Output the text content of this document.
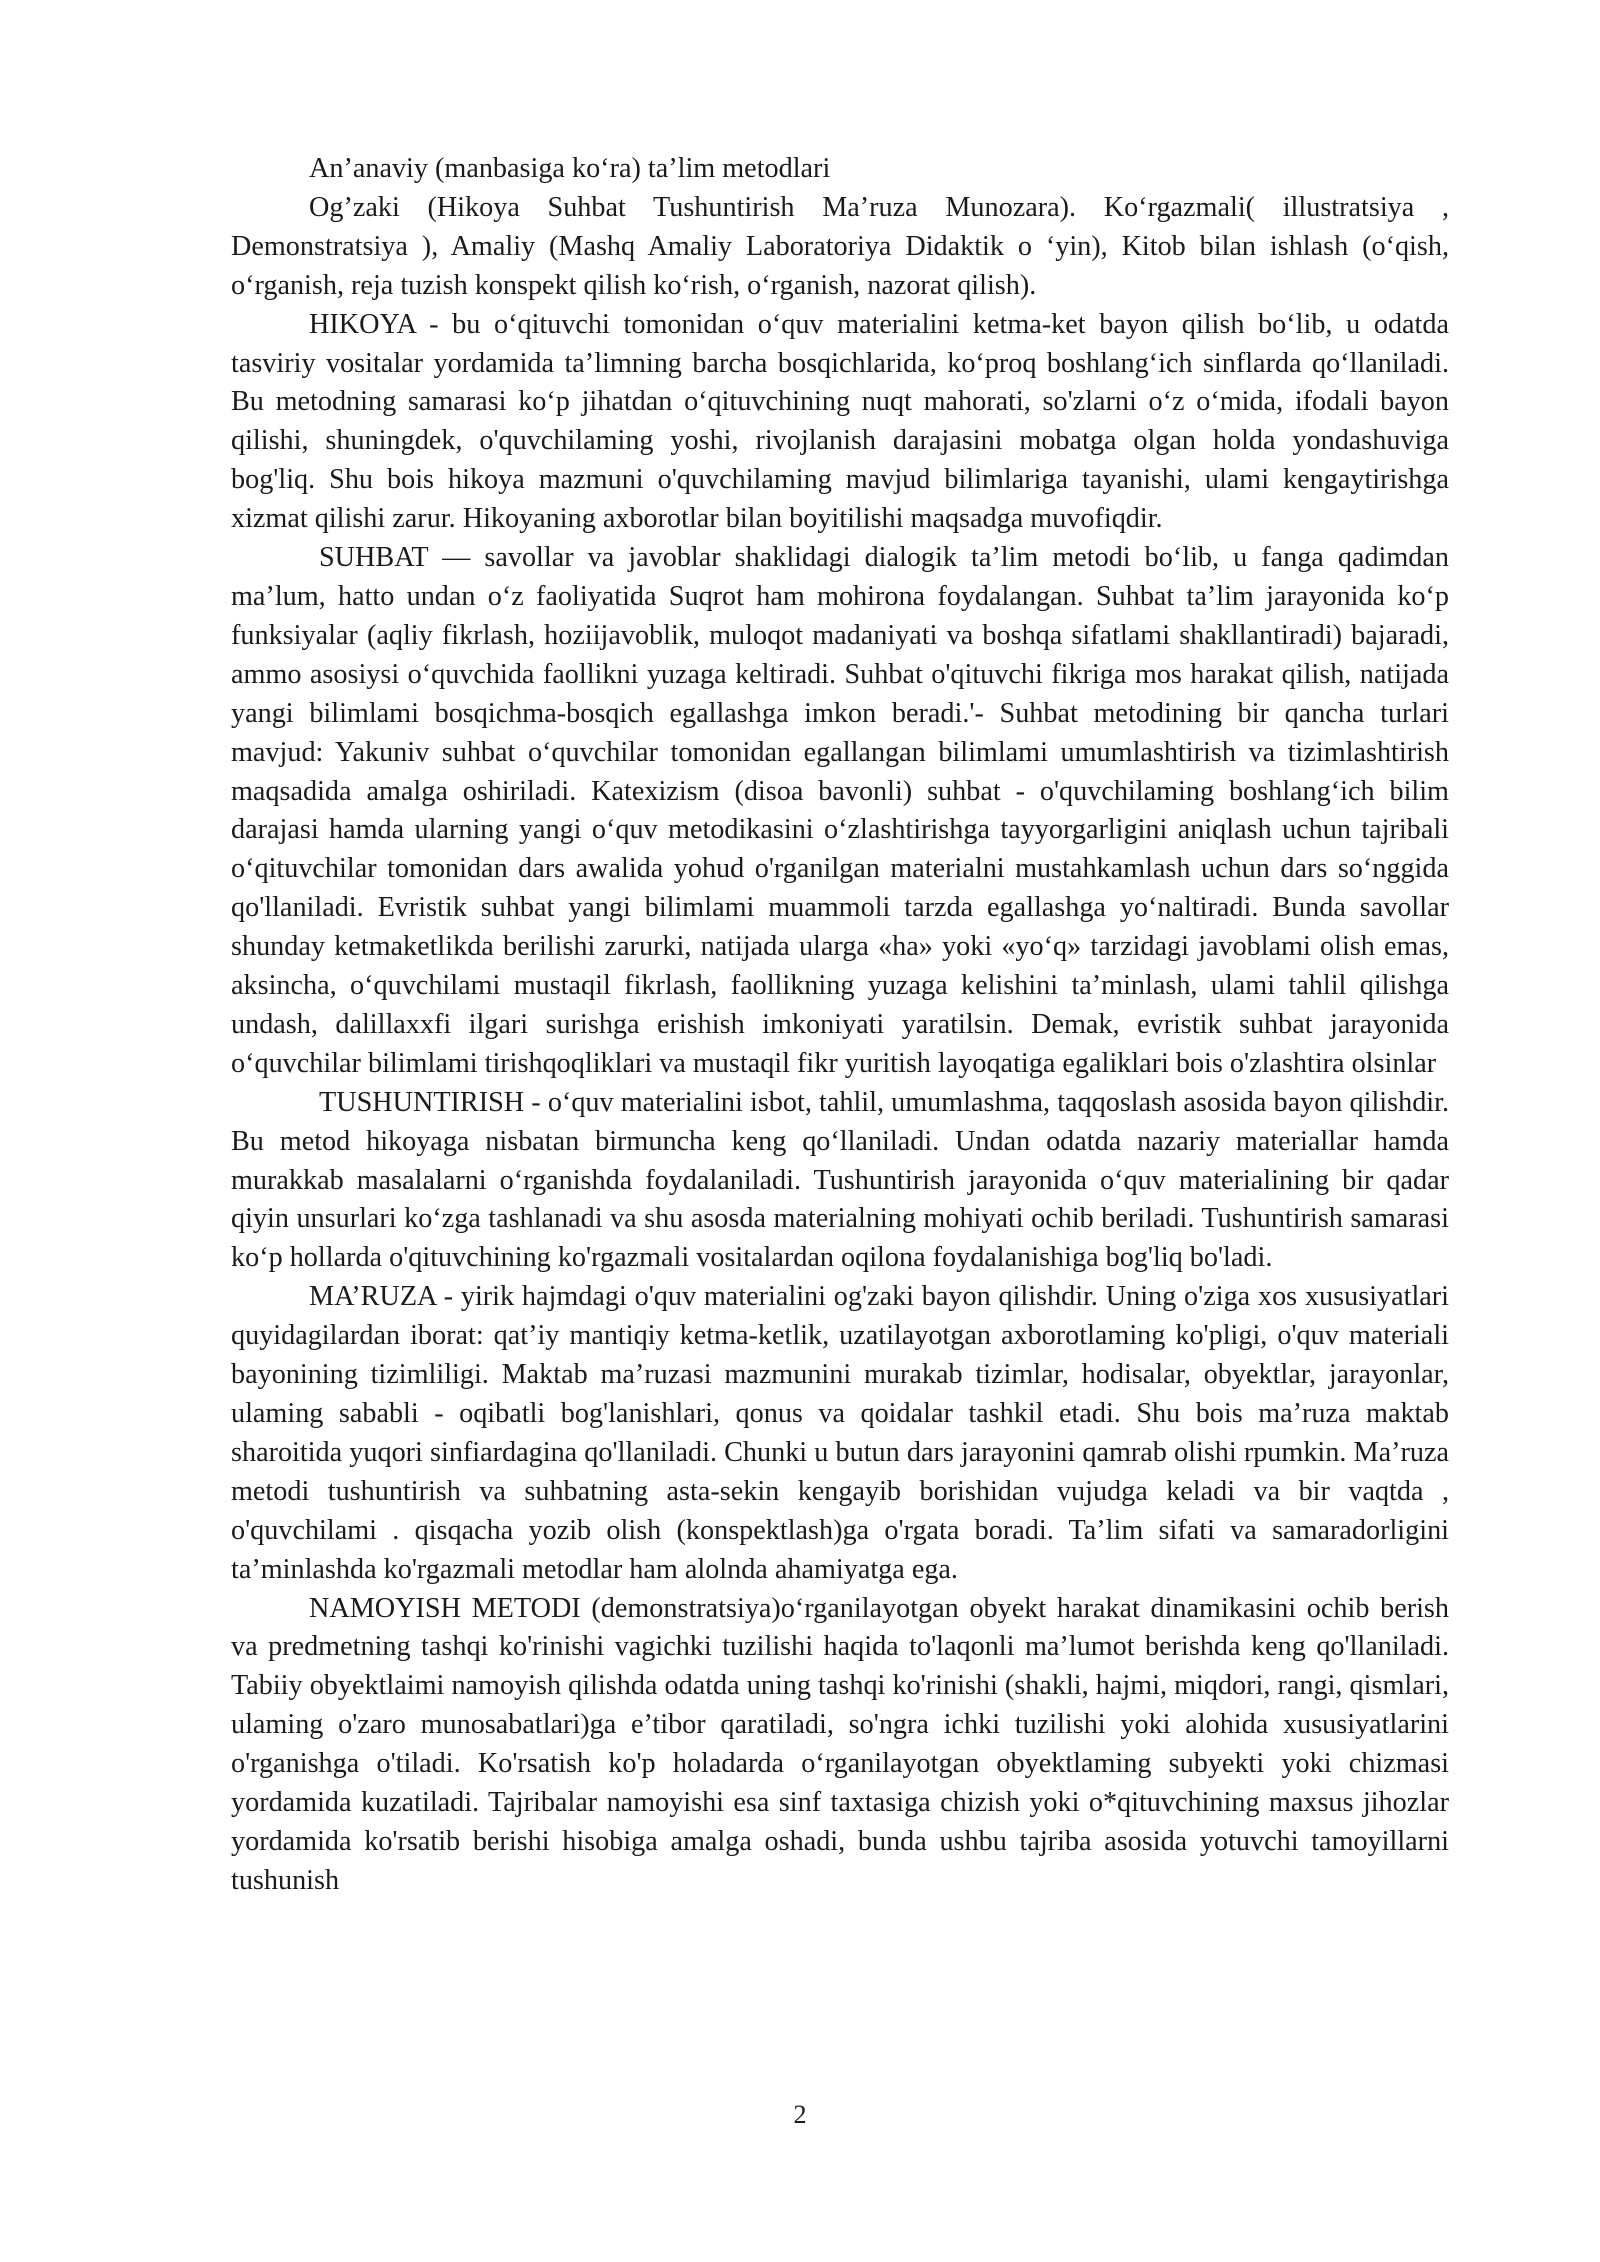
An’anaviy (manbasiga ko‘ra) ta’lim metodlari

Og’zaki (Hikoya Suhbat Tushuntirish Ma’ruza Munozara). Ko‘rgazmali( illustratsiya , Demonstratsiya ), Amaliy (Mashq Amaliy Laboratoriya Didaktik o ‘yin), Kitob bilan ishlash (o‘qish, o‘rganish, reja tuzish konspekt qilish ko‘rish, o‘rganish, nazorat qilish).

HIKOYA - bu o‘qituvchi tomonidan o‘quv materialini ketma-ket bayon qilish bo‘lib, u odatda tasviriy vositalar yordamida ta’limning barcha bosqichlarida, ko‘proq boshlang‘ich sinflarda qo‘llaniladi. Bu metodning samarasi ko‘p jihatdan o‘qituvchining nuqt mahorati, so'zlarni o‘z o‘mida, ifodali bayon qilishi, shuningdek, o'quvchilaming yoshi, rivojlanish darajasini mobatga olgan holda yondashuviga bog'liq. Shu bois hikoya mazmuni o'quvchilaming mavjud bilimlariga tayanishi, ulami kengaytirishga xizmat qilishi zarur. Hikoyaning axborotlar bilan boyitilishi maqsadga muvofiqdir.

SUHBAT — savollar va javoblar shaklidagi dialogik ta’lim metodi bo‘lib, u fanga qadimdan ma’lum, hatto undan o‘z faoliyatida Suqrot ham mohirona foydalangan. Suhbat ta’lim jarayonida ko‘p funksiyalar (aqliy fikrlash, hoziijavoblik, muloqot madaniyati va boshqa sifatlami shakllantiradi) bajaradi, ammo asosiysi o‘quvchida faollikni yuzaga keltiradi. Suhbat o'qituvchi fikriga mos harakat qilish, natijada yangi bilimlami bosqichma-bosqich egallashga imkon beradi.'- Suhbat metodining bir qancha turlari mavjud: Yakuniv suhbat o‘quvchilar tomonidan egallangan bilimlami umumlashtirish va tizimlashtirish maqsadida amalga oshiriladi. Katexizism (disoa bavonli) suhbat - o'quvchilaming boshlang‘ich bilim darajasi hamda ularning yangi o‘quv metodikasini o‘zlashtirishga tayyorgarligini aniqlash uchun tajribali o‘qituvchilar tomonidan dars awalida yohud o'rganilgan materialni mustahkamlash uchun dars so‘nggida qo'llaniladi. Evristik suhbat yangi bilimlami muammoli tarzda egallashga yo‘naltiradi. Bunda savollar shunday ketmaketlikda berilishi zarurki, natijada ularga «ha» yoki «yo‘q» tarzidagi javoblami olish emas, aksincha, o‘quvchilami mustaqil fikrlash, faollikning yuzaga kelishini ta’minlash, ulami tahlil qilishga undash, dalillaxxfi ilgari surishga erishish imkoniyati yaratilsin. Demak, evristik suhbat jarayonida o‘quvchilar bilimlami tirishqoqliklari va mustaqil fikr yuritish layoqatiga egaliklari bois o'zlashtira olsinlar

TUSHUNTIRISH - o‘quv materialini isbot, tahlil, umumlashma, taqqoslash asosida bayon qilishdir. Bu metod hikoyaga nisbatan birmuncha keng qo‘llaniladi. Undan odatda nazariy materiallar hamda murakkab masalalarni o‘rganishda foydalaniladi. Tushuntirish jarayonida o‘quv materialining bir qadar qiyin unsurlari ko‘zga tashlanadi va shu asosda materialning mohiyati ochib beriladi. Tushuntirish samarasi ko‘p hollarda o'qituvchining ko'rgazmali vositalardan oqilona foydalanishiga bog'liq bo'ladi.

MA’RUZA - yirik hajmdagi o'quv materialini og'zaki bayon qilishdir. Uning o'ziga xos xususiyatlari quyidagilardan iborat: qat’iy mantiqiy ketma-ketlik, uzatilayotgan axborotlaming ko'pligi, o'quv materiali bayonining tizimliligi. Maktab ma’ruzasi mazmunini murakab tizimlar, hodisalar, obyektlar, jarayonlar, ulaming sababli - oqibatli bog'lanishlari, qonus va qoidalar tashkil etadi. Shu bois ma’ruza maktab sharoitida yuqori sinfiardagina qo'llaniladi. Chunki u butun dars jarayonini qamrab olishi rpumkin. Ma’ruza metodi tushuntirish va suhbatning asta-sekin kengayib borishidan vujudga keladi va bir vaqtda , o'quvchilami . qisqacha yozib olish (konspektlash)ga o'rgata boradi. Ta’lim sifati va samaradorligini ta’minlashda ko'rgazmali metodlar ham alolnda ahamiyatga ega.

NAMOYISH METODI (demonstratsiya)o‘rganilayotgan obyekt harakat dinamikasini ochib berish va predmetning tashqi ko'rinishi vagichki tuzilishi haqida to'laqonli ma’lumot berishda keng qo'llaniladi. Tabiiy obyektlaimi namoyish qilishda odatda uning tashqi ko'rinishi (shakli, hajmi, miqdori, rangi, qismlari, ulaming o'zaro munosabatlari)ga e’tibor qaratiladi, so'ngra ichki tuzilishi yoki alohida xususiyatlarini o'rganishga o'tiladi. Ko'rsatish ko'p holadarda o‘rganilayotgan obyektlaming subyekti yoki chizmasi yordamida kuzatiladi. Tajribalar namoyishi esa sinf taxtasiga chizish yoki o*qituvchining maxsus jihozlar yordamida ko'rsatib berishi hisobiga amalga oshadi, bunda ushbu tajriba asosida yotuvchi tamoyillarni tushunish

2
